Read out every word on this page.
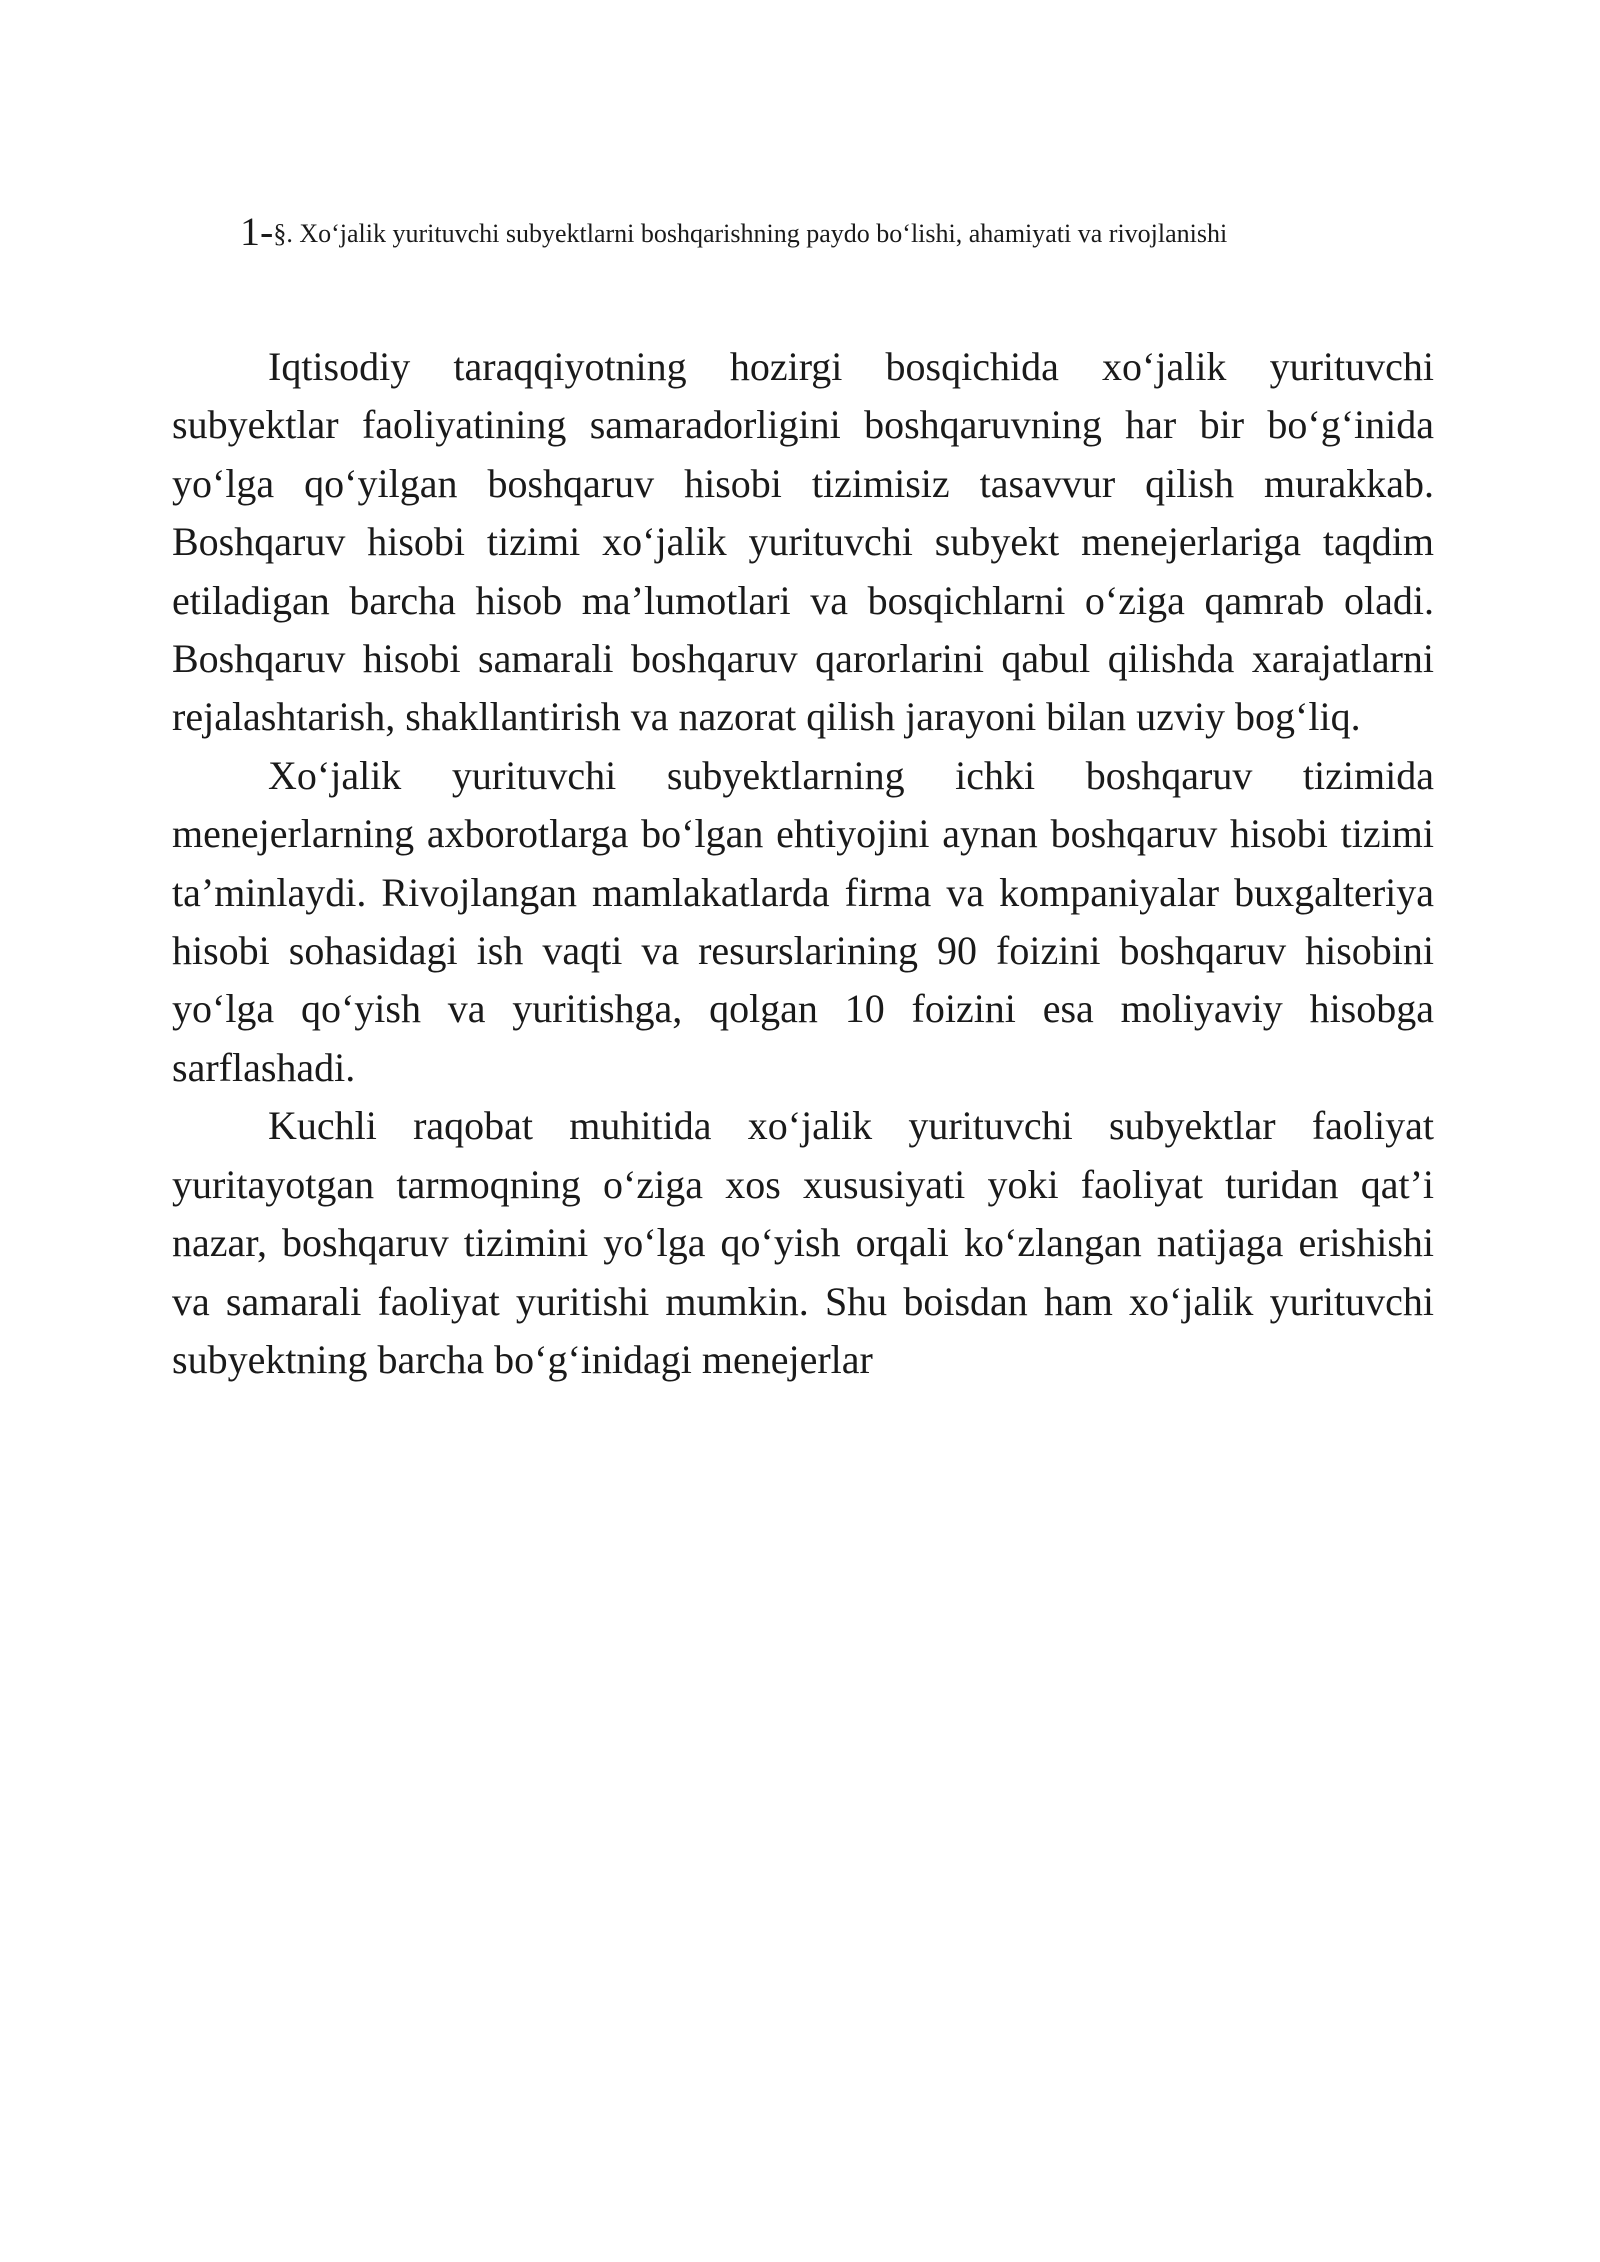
1-§. Xo‘jalik yurituvchi subyektlarni boshqarishning paydo bo‘lishi, ahamiyati va rivojlanishi

Iqtisodiy taraqqiyotning hozirgi bosqichida xo‘jalik yurituvchi subyektlar faoliyatining samaradorligini boshqaruvning har bir bo‘g‘inida yo‘lga qo‘yilgan boshqaruv hisobi tizimisiz tasavvur qilish murakkab. Boshqaruv hisobi tizimi xo‘jalik yurituvchi subyekt menejerlariga taqdim etiladigan barcha hisob ma’lumotlari va bosqichlarni o‘ziga qamrab oladi. Boshqaruv hisobi samarali boshqaruv qarorlarini qabul qilishda xarajatlarni rejalashtarish, shakllantirish va nazorat qilish jarayoni bilan uzviy bog‘liq.

Xo‘jalik yurituvchi subyektlarning ichki boshqaruv tizimida menejerlarning axborotlarga bo‘lgan ehtiyojini aynan boshqaruv hisobi tizimi ta’minlaydi. Rivojlangan mamlakatlarda firma va kompaniyalar buxgalteriya hisobi sohasidagi ish vaqti va resurslarining 90 foizini boshqaruv hisobini yo‘lga qo‘yish va yuritishga, qolgan 10 foizini esa moliyaviy hisobga sarflashadi.

Kuchli raqobat muhitida xo‘jalik yurituvchi subyektlar faoliyat yuritayotgan tarmoqning o‘ziga xos xususiyati yoki faoliyat turidan qat’i nazar, boshqaruv tizimini yo‘lga qo‘yish orqali ko‘zlangan natijaga erishishi va samarali faoliyat yuritishi mumkin. Shu boisdan ham xo‘jalik yurituvchi subyektning barcha bo‘g‘inidagi menejerlar
